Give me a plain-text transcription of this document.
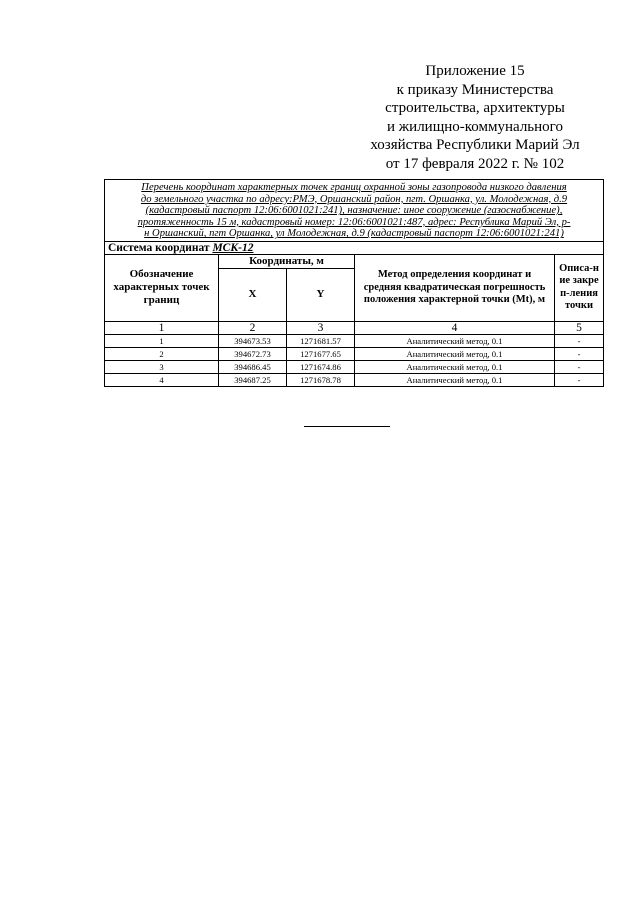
Приложение 15
к приказу Министерства
строительства, архитектуры
и жилищно-коммунального
хозяйства Республики Марий Эл
от 17 февраля 2022 г. № 102
Перечень координат характерных точек границ охранной зоны газопровода низкого давления
до земельного участка по адресу:РМЭ, Оршанский район, пгт. Оршанка, ул. Молодежная, д.9
(кадастровый паспорт 12:06:6001021:241), назначение: иное сооружение (газоснабжение),
протяженность 15 м, кадастровый номер: 12:06:6001021:487, адрес: Республика Марий Эл, р-
н Оршанский, пгт Оршанка, ул Молодежная, д.9 (кадастровый паспорт 12:06:6001021:241)				

Система координат МСК-12				
Обозначение характерных точек границ	Координаты, м		Метод определения координат и средняя квадратическая погрешность положения характерной точки (Mt), м	Описа-ние закреп-ления точки
	X	Y		
1	2	3	4	5
1	394673.53	1271681.57	Аналитический метод, 0.1	-
2	394672.73	1271677.65	Аналитический метод, 0.1	-
3	394686.45	1271674.86	Аналитический метод, 0.1	-
4	394687.25	1271678.78	Аналитический метод, 0.1	-
